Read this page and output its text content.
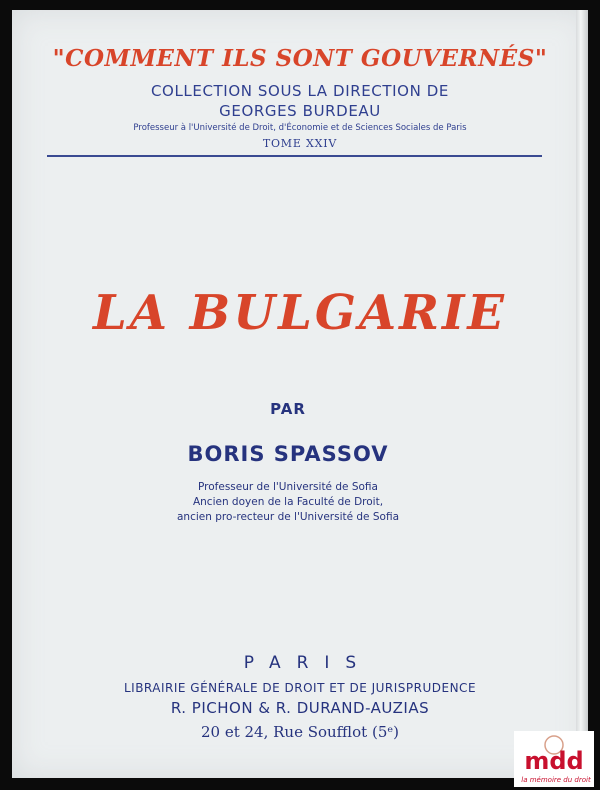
"COMMENT ILS SONT GOUVERNÉS"
COLLECTION SOUS LA DIRECTION DE
GEORGES BURDEAU
Professeur à l'Université de Droit, d'Économie et de Sciences Sociales de Paris
TOME XXIV
LA BULGARIE
PAR
BORIS SPASSOV
Professeur de l'Université de Sofia
Ancien doyen de la Faculté de Droit,
ancien pro-recteur de l'Université de Sofia
PARIS
LIBRAIRIE GÉNÉRALE DE DROIT ET DE JURISPRUDENCE
R. PICHON & R. DURAND-AUZIAS
20 et 24, Rue Soufflot (5ᵉ)
mdd
la mémoire du droit
